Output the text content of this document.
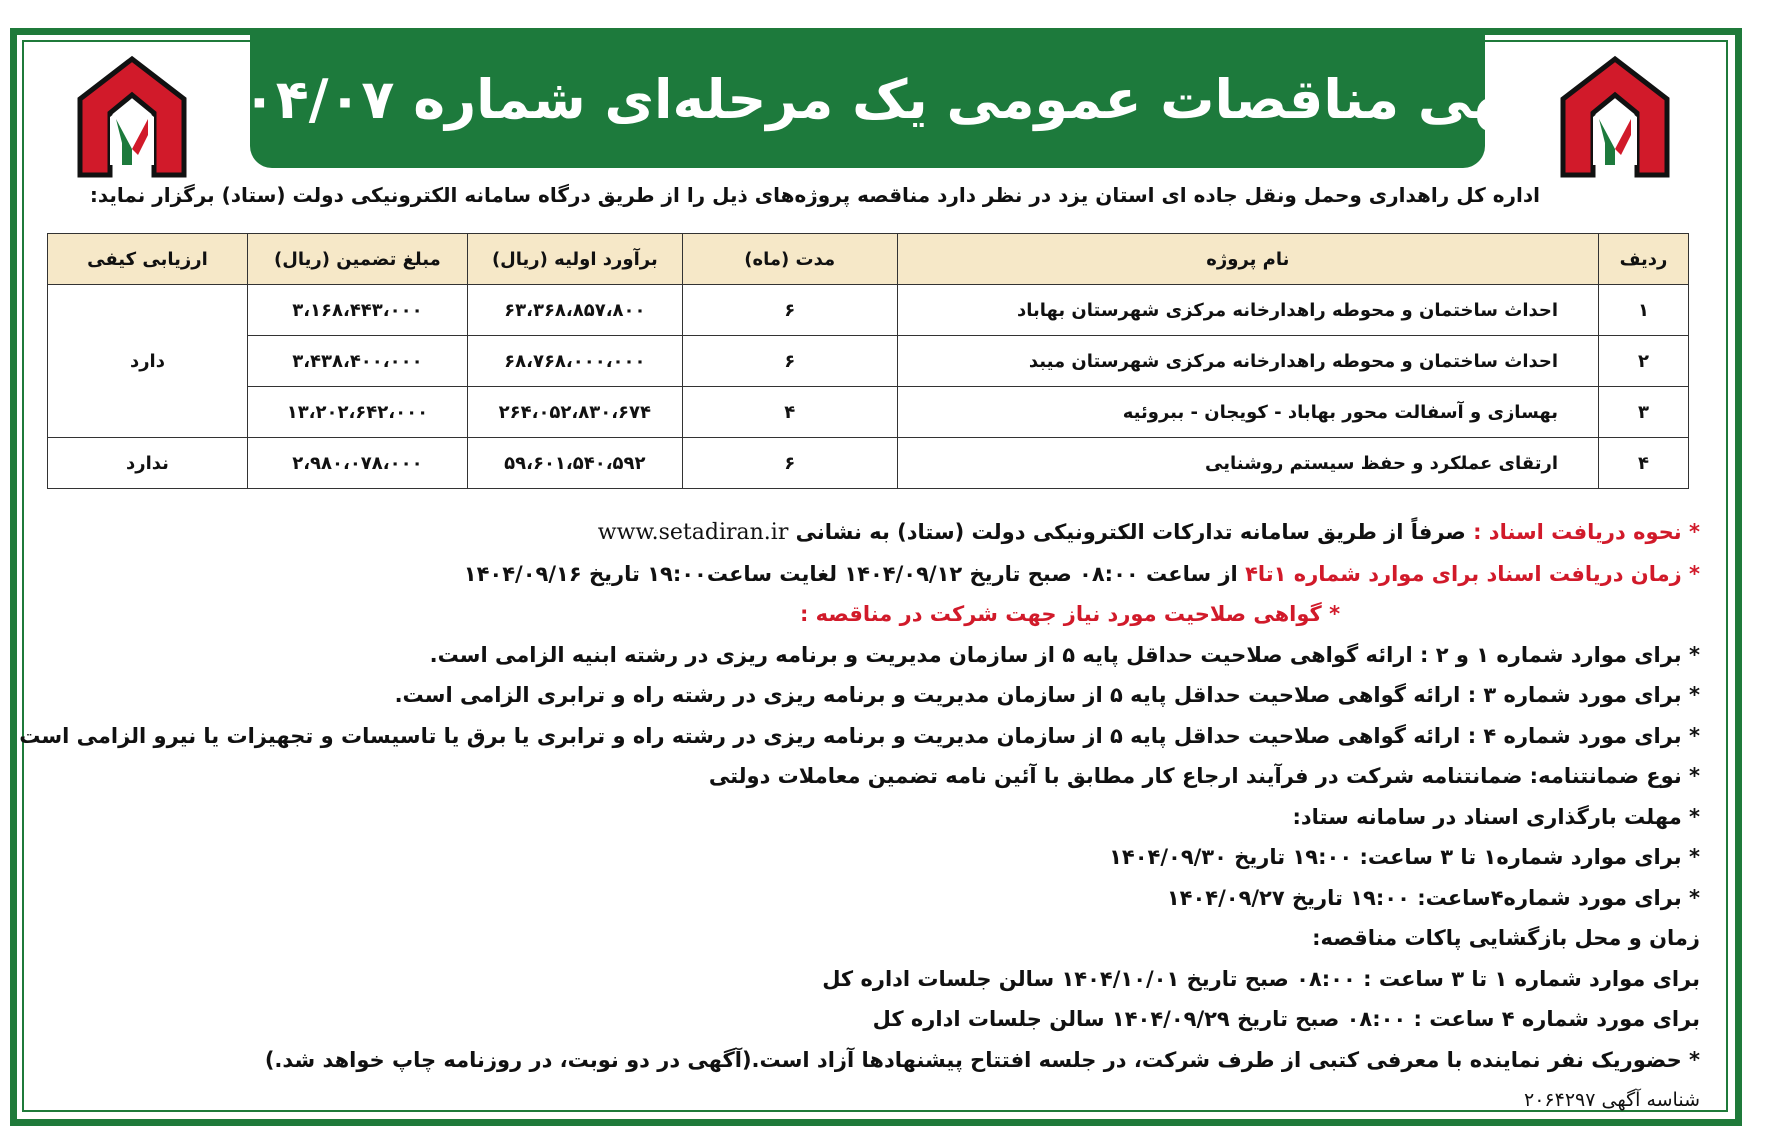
آگهی مناقصات عمومی یک مرحله‌ای شماره ۱۴۰۴/۰۷
اداره کل راهداری وحمل ونقل جاده ای استان یزد در نظر دارد مناقصه پروژه‌های ذیل را از طریق درگاه سامانه الکترونیکی دولت (ستاد) برگزار نماید:
ردیف	نام پروژه	مدت (ماه)	برآورد اولیه (ریال)	مبلغ تضمین (ریال)	ارزیابی کیفی
۱	احداث ساختمان و محوطه راهدارخانه مرکزی شهرستان بهاباد	۶	۶۳،۳۶۸،۸۵۷،۸۰۰	۳،۱۶۸،۴۴۳،۰۰۰	دارد
۲	احداث ساختمان و محوطه راهدارخانه مرکزی شهرستان میبد	۶	۶۸،۷۶۸،۰۰۰،۰۰۰	۳،۴۳۸،۴۰۰،۰۰۰	
۳	بهسازی و آسفالت محور بهاباد - کویجان - ببروئیه	۴	۲۶۴،۰۵۲،۸۳۰،۶۷۴	۱۳،۲۰۲،۶۴۲،۰۰۰	
۴	ارتقای عملکرد و حفظ سیستم روشنایی	۶	۵۹،۶۰۱،۵۴۰،۵۹۲	۲،۹۸۰،۰۷۸،۰۰۰	ندارد
* نحوه دریافت اسناد : صرفاً از طریق سامانه تدارکات الکترونیکی دولت (ستاد) به نشانی www.setadiran.ir
* زمان دریافت اسناد برای موارد شماره ۱تا۴ از ساعت ۰۸:۰۰ صبح تاریخ ۱۴۰۴/۰۹/۱۲ لغایت ساعت۱۹:۰۰ تاریخ ۱۴۰۴/۰۹/۱۶
* گواهی صلاحیت مورد نیاز جهت شرکت در مناقصه :
* برای موارد شماره ۱ و ۲ : ارائه گواهی صلاحیت حداقل پایه ۵ از سازمان مدیریت و برنامه ریزی در رشته ابنیه الزامی است.
* برای مورد شماره ۳ : ارائه گواهی صلاحیت حداقل پایه ۵ از سازمان مدیریت و برنامه ریزی در رشته راه و ترابری الزامی است.
* برای مورد شماره ۴ : ارائه گواهی صلاحیت حداقل پایه ۵ از سازمان مدیریت و برنامه ریزی در رشته راه و ترابری یا برق یا تاسیسات و تجهیزات یا نیرو الزامی است
* نوع ضمانتنامه: ضمانتنامه شرکت در فرآیند ارجاع کار مطابق با آئین نامه تضمین معاملات دولتی
* مهلت بارگذاری اسناد در سامانه ستاد:
* برای موارد شماره۱ تا ۳ ساعت: ۱۹:۰۰ تاریخ ۱۴۰۴/۰۹/۳۰
* برای مورد شماره۴ساعت: ۱۹:۰۰ تاریخ ۱۴۰۴/۰۹/۲۷
زمان و محل بازگشایی پاکات مناقصه:
برای موارد شماره ۱ تا ۳ ساعت : ۰۸:۰۰ صبح تاریخ ۱۴۰۴/۱۰/۰۱ سالن جلسات اداره کل
برای مورد شماره ۴ ساعت : ۰۸:۰۰ صبح تاریخ ۱۴۰۴/۰۹/۲۹ سالن جلسات اداره کل
* حضوریک نفر نماینده با معرفی کتبی از طرف شرکت، در جلسه افتتاح پیشنهادها آزاد است.(آگهی در دو نوبت، در روزنامه چاپ خواهد شد.)
شناسه آگهی ۲۰۶۴۲۹۷
